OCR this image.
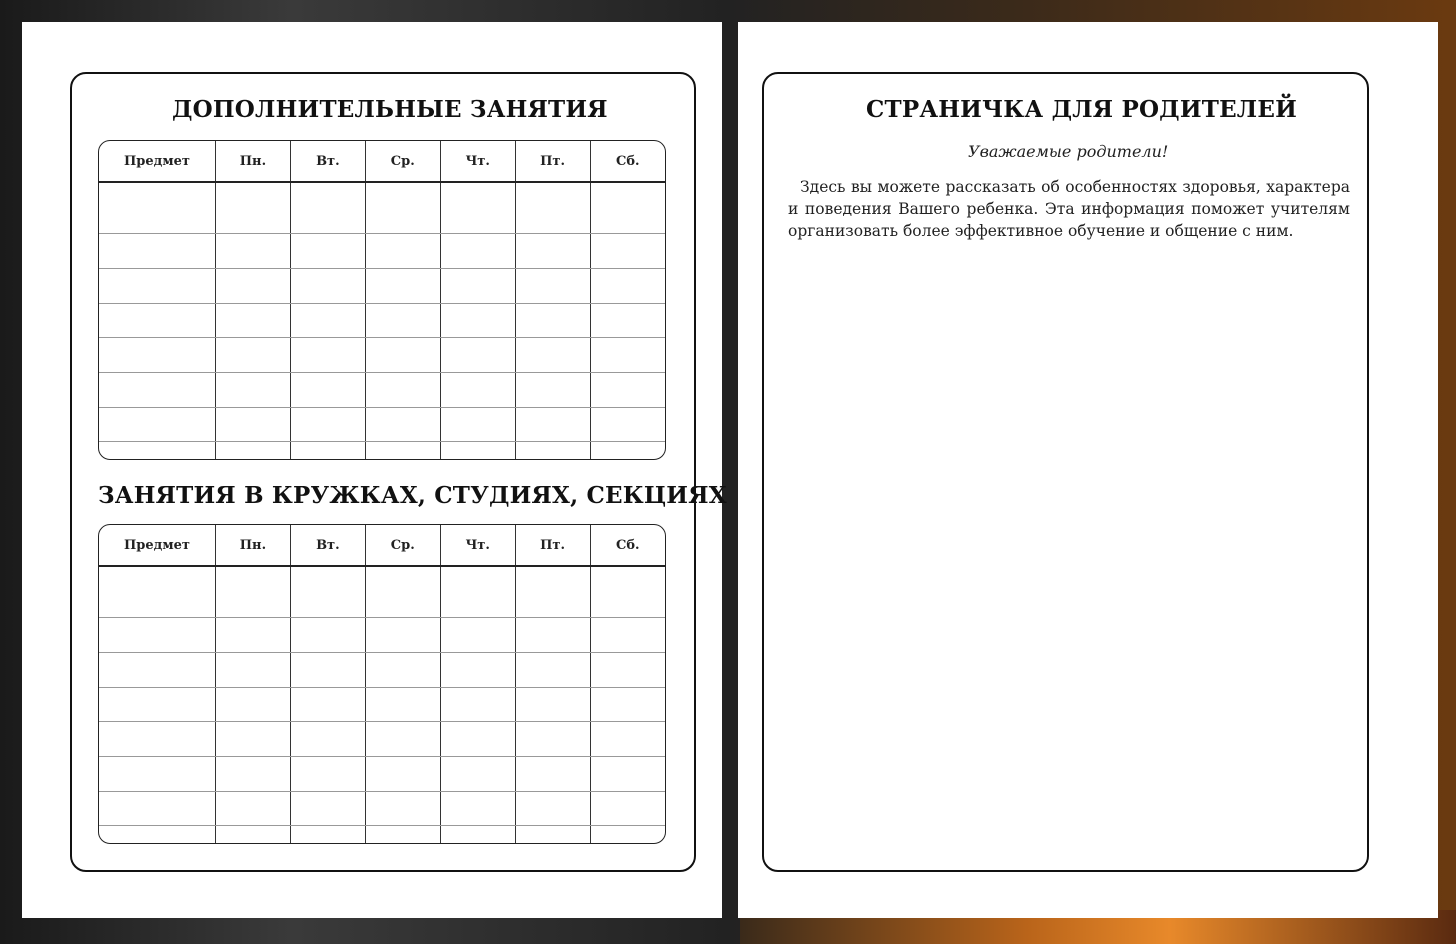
ДОПОЛНИТЕЛЬНЫЕ ЗАНЯТИЯ
Предмет	Пн.	Вт.	Ср.	Чт.	Пт.	Сб.

ЗАНЯТИЯ В КРУЖКАХ, СТУДИЯХ, СЕКЦИЯХ
Предмет	Пн.	Вт.	Ср.	Чт.	Пт.	Сб.

СТРАНИЧКА ДЛЯ РОДИТЕЛЕЙ
Уважаемые родители!
Здесь вы можете рассказать об особенностях здоровья, характера и поведения Вашего ребенка. Эта информация поможет учителям организовать более эффективное обучение и общение с ним.
